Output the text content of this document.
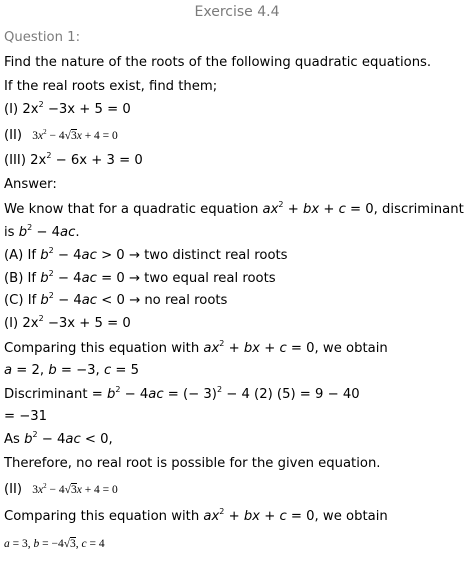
Exercise 4.4
Question 1:
Find the nature of the roots of the following quadratic equations.
If the real roots exist, find them;
(I) $2x^2 -3x + 5 = 0$
(II) $3x^2 - 4√3x + 4 = 0$
(III) $2x^2 - 6x + 3 = 0$
Answer:
We know that for a quadratic equation $ax^2$ + bx + c = 0, discriminant
is $b^2 - 4ac$.
(A) If $b^2 - 4ac > 0$ → two distinct real roots
(B) If $b^2 - 4ac = 0$ → two equal real roots
(C) If $b^2 - 4ac < 0$ → no real roots
(I) $2x^2 -3x + 5 = 0$
Comparing this equation with $ax^2$ + bx + c = 0, we obtain
a = 2, b = −3, c = 5
Discriminant = $b^2 - 4ac$ = (− 3)$^2$ − 4 (2) (5) = 9 − 40
= −31
As $b^2 - 4ac < 0$,
Therefore, no real root is possible for the given equation.
(II) $3x^2 - 4√3x + 4 = 0$
Comparing this equation with $ax^2$ + bx + c = 0, we obtain
a = 3, b = −4√3, c = 4
